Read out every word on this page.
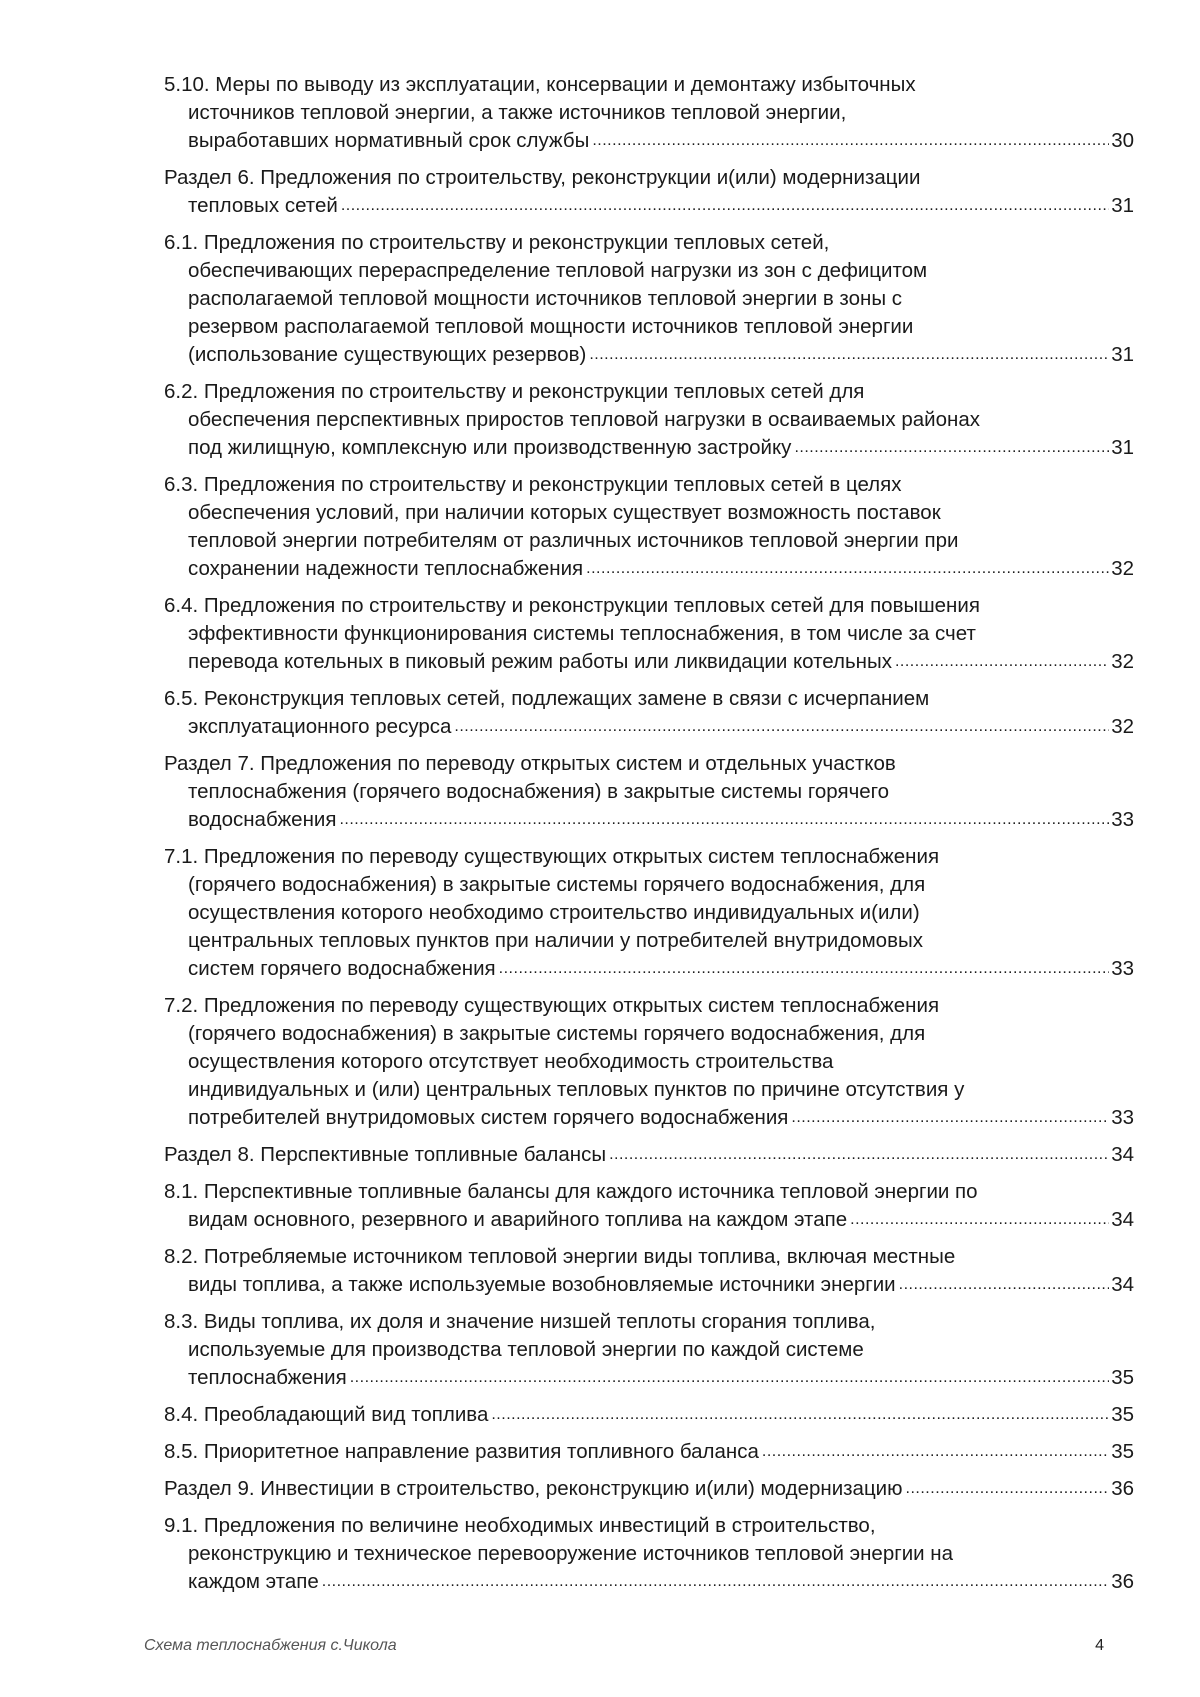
5.10. Меры по выводу из эксплуатации, консервации и демонтажу избыточных
источников тепловой энергии, а также источников тепловой энергии,
выработавших нормативный срок службы .....	30
Раздел 6. Предложения по строительству, реконструкции и(или) модернизации
тепловых сетей .....	31
6.1. Предложения по строительству и реконструкции тепловых сетей,
обеспечивающих перераспределение тепловой нагрузки из зон с дефицитом
располагаемой тепловой мощности источников тепловой энергии в зоны с
резервом располагаемой тепловой мощности источников тепловой энергии
(использование существующих резервов) .....	31
6.2. Предложения по строительству и реконструкции тепловых сетей для
обеспечения перспективных приростов тепловой нагрузки в осваиваемых районах
под жилищную, комплексную или производственную застройку .....	31
6.3. Предложения по строительству и реконструкции тепловых сетей в целях
обеспечения условий, при наличии которых существует возможность поставок
тепловой энергии потребителям от различных источников тепловой энергии при
сохранении надежности теплоснабжения .....	32
6.4. Предложения по строительству и реконструкции тепловых сетей для повышения
эффективности функционирования системы теплоснабжения, в том числе за счет
перевода котельных в пиковый режим работы или ликвидации котельных .....	32
6.5. Реконструкция тепловых сетей, подлежащих замене в связи с исчерпанием
эксплуатационного ресурса .....	32
Раздел 7. Предложения по переводу открытых систем и отдельных участков
теплоснабжения (горячего водоснабжения) в закрытые системы горячего
водоснабжения .....	33
7.1. Предложения по переводу существующих открытых систем теплоснабжения
(горячего водоснабжения) в закрытые системы горячего водоснабжения, для
осуществления которого необходимо строительство индивидуальных и(или)
центральных тепловых пунктов при наличии у потребителей внутридомовых
систем горячего водоснабжения .....	33
7.2. Предложения по переводу существующих открытых систем теплоснабжения
(горячего водоснабжения) в закрытые системы горячего водоснабжения, для
осуществления которого отсутствует необходимость строительства
индивидуальных и (или) центральных тепловых пунктов по причине отсутствия у
потребителей внутридомовых систем горячего водоснабжения .....	33
Раздел 8. Перспективные топливные балансы .....	34
8.1. Перспективные топливные балансы для каждого источника тепловой энергии по
видам основного, резервного и аварийного топлива на каждом этапе .....	34
8.2. Потребляемые источником тепловой энергии виды топлива, включая местные
виды топлива, а также используемые возобновляемые источники энергии .....	34
8.3. Виды топлива, их доля и значение низшей теплоты сгорания топлива,
используемые для производства тепловой энергии по каждой системе
теплоснабжения .....	35
8.4. Преобладающий вид топлива .....	35
8.5. Приоритетное направление развития топливного баланса .....	35
Раздел 9. Инвестиции в строительство, реконструкцию и(или) модернизацию .....	36
9.1. Предложения по величине необходимых инвестиций в строительство,
реконструкцию и техническое перевооружение источников тепловой энергии на
каждом этапе .....	36
Схема теплоснабжения с.Чикола	4
